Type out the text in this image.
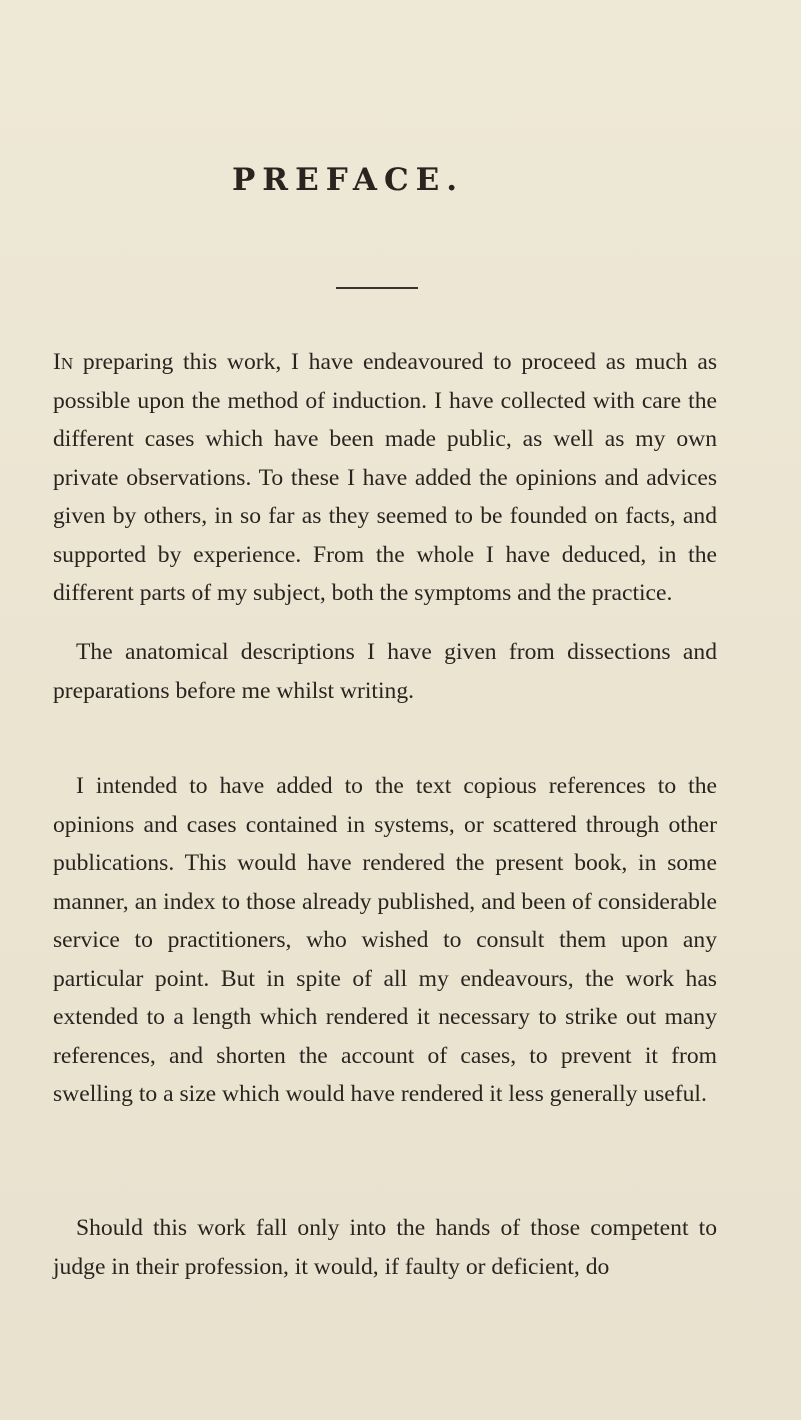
PREFACE.

In preparing this work, I have endeavoured to proceed as much as possible upon the method of induction. I have collected with care the different cases which have been made public, as well as my own private observations. To these I have added the opinions and advices given by others, in so far as they seemed to be founded on facts, and supported by experience. From the whole I have deduced, in the different parts of my subject, both the symptoms and the practice.

The anatomical descriptions I have given from dissections and preparations before me whilst writing.

I intended to have added to the text copious references to the opinions and cases contained in systems, or scattered through other publications. This would have rendered the present book, in some manner, an index to those already published, and been of considerable service to practitioners, who wished to consult them upon any particular point. But in spite of all my endeavours, the work has extended to a length which rendered it necessary to strike out many references, and shorten the account of cases, to prevent it from swelling to a size which would have rendered it less generally useful.

Should this work fall only into the hands of those competent to judge in their profession, it would, if faulty or deficient, do
